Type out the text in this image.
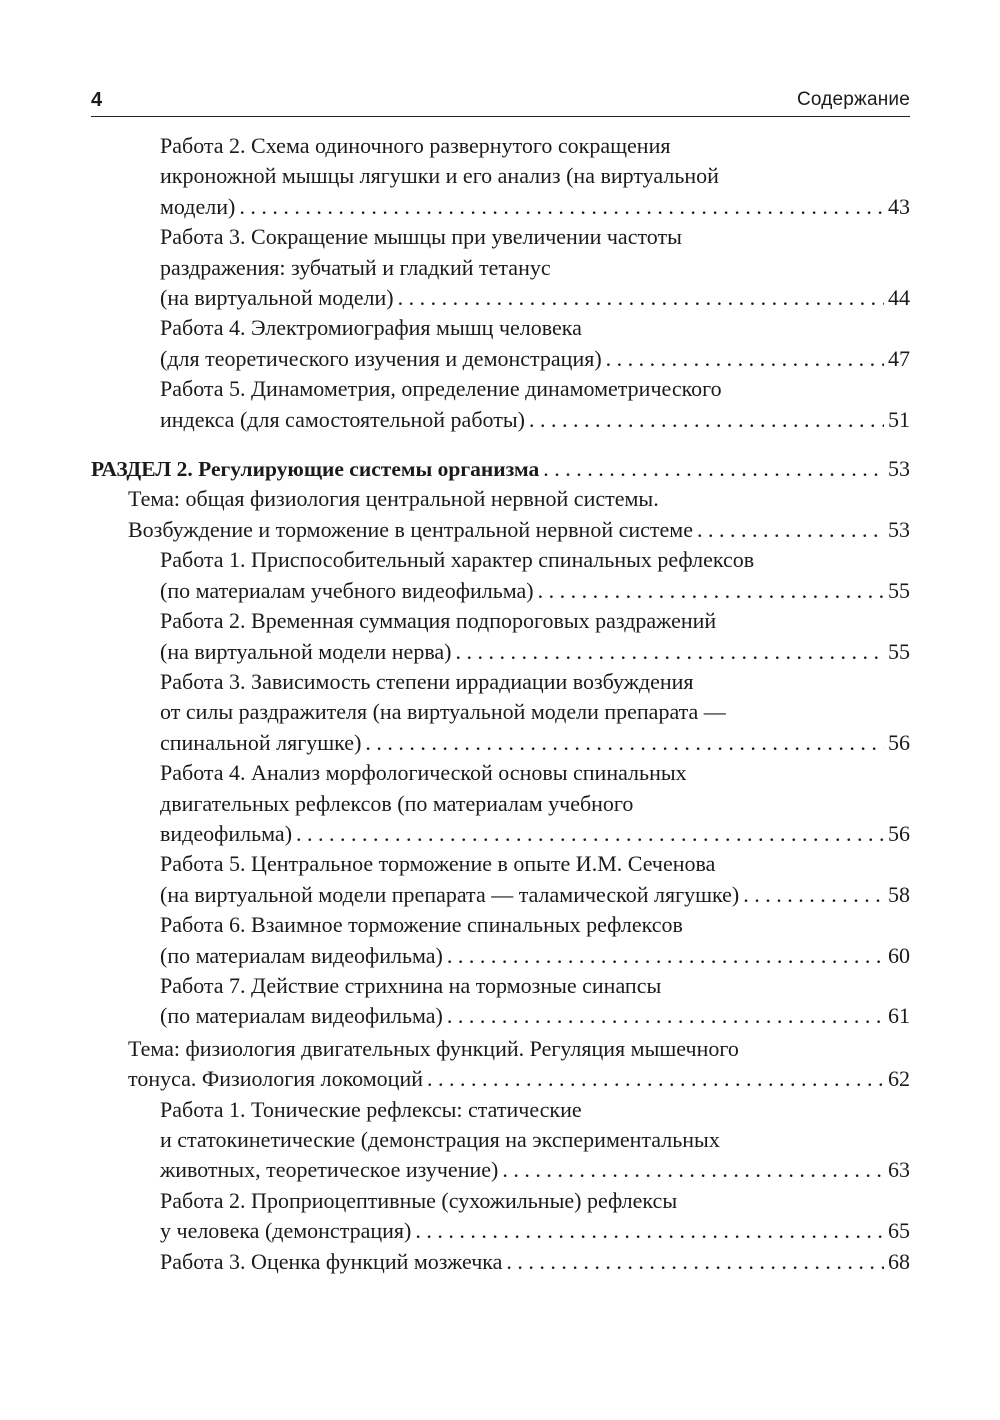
4	Содержание
Работа 2. Схема одиночного развернутого сокращения
икроножной мышцы лягушки и его анализ (на виртуальной
модели) . . .	43
Работа 3. Сокращение мышцы при увеличении частоты
раздражения: зубчатый и гладкий тетанус
(на виртуальной модели) . . .	44
Работа 4. Электромиография мышц человека
(для теоретического изучения и демонстрация) . . .	47
Работа 5. Динамометрия, определение динамометрического
индекса (для самостоятельной работы) . . .	51
РАЗДЕЛ 2. Регулирующие системы организма . . .	53
Тема: общая физиология центральной нервной системы.
Возбуждение и торможение в центральной нервной системе . . .	53
Работа 1. Приспособительный характер спинальных рефлексов
(по материалам учебного видеофильма) . . .	55
Работа 2. Временная суммация подпороговых раздражений
(на виртуальной модели нерва) . . .	55
Работа 3. Зависимость степени иррадиации возбуждения
от силы раздражителя (на виртуальной модели препарата —
спинальной лягушке) . . .	56
Работа 4. Анализ морфологической основы спинальных
двигательных рефлексов (по материалам учебного
видеофильма) . . .	56
Работа 5. Центральное торможение в опыте И.М. Сеченова
(на виртуальной модели препарата — таламической лягушке) . . .	58
Работа 6. Взаимное торможение спинальных рефлексов
(по материалам видеофильма) . . .	60
Работа 7. Действие стрихнина на тормозные синапсы
(по материалам видеофильма) . . .	61
Тема: физиология двигательных функций. Регуляция мышечного
тонуса. Физиология локомоций . . .	62
Работа 1. Тонические рефлексы: статические
и статокинетические (демонстрация на экспериментальных
животных, теоретическое изучение) . . .	63
Работа 2. Проприоцептивные (сухожильные) рефлексы
у человека (демонстрация) . . .	65
Работа 3. Оценка функций мозжечка . . .	68
